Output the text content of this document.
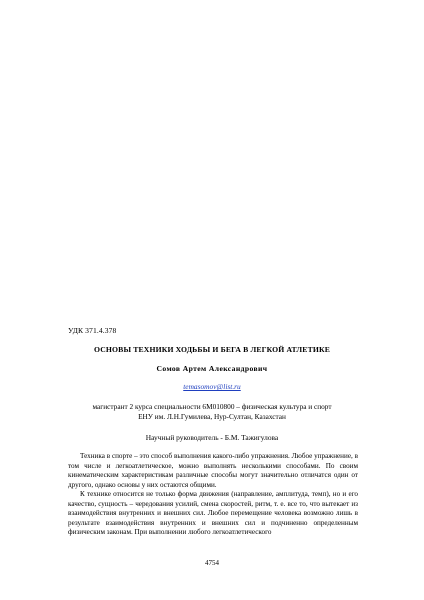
УДК 371.4.378
ОСНОВЫ ТЕХНИКИ ХОДЬБЫ И БЕГА В ЛЕГКОЙ АТЛЕТИКЕ
Сомов Артем Александрович
temasomov@list.ru
магистрант 2 курса специальности 6М010800 – физическая культура и спорт
ЕНУ им. Л.Н.Гумилева, Нур-Султан, Казахстан
Научный руководитель - Б.М. Тажигулова

Техника в спорте – это способ выполнения какого-либо упражнения. Любое упражнение, в том числе и легкоатлетическое, можно выполнять несколькими способами. По своим кинематическим характеристикам различные способы могут значительно отличатся один от другого, однако основы у них остаются общими.

К технике относится не только форма движения (направление, амплитуда, темп), но и его качество, сущность – чередования усилий, смена скоростей, ритм, т. е. все то, что вытекает из взаимодействия внутренних и внешних сил. Любое перемещение человека возможно лишь в результате взаимодействия внутренних и внешних сил и подчиненно определенным физическим законам. При выполнении любого легкоатлетического

4754
